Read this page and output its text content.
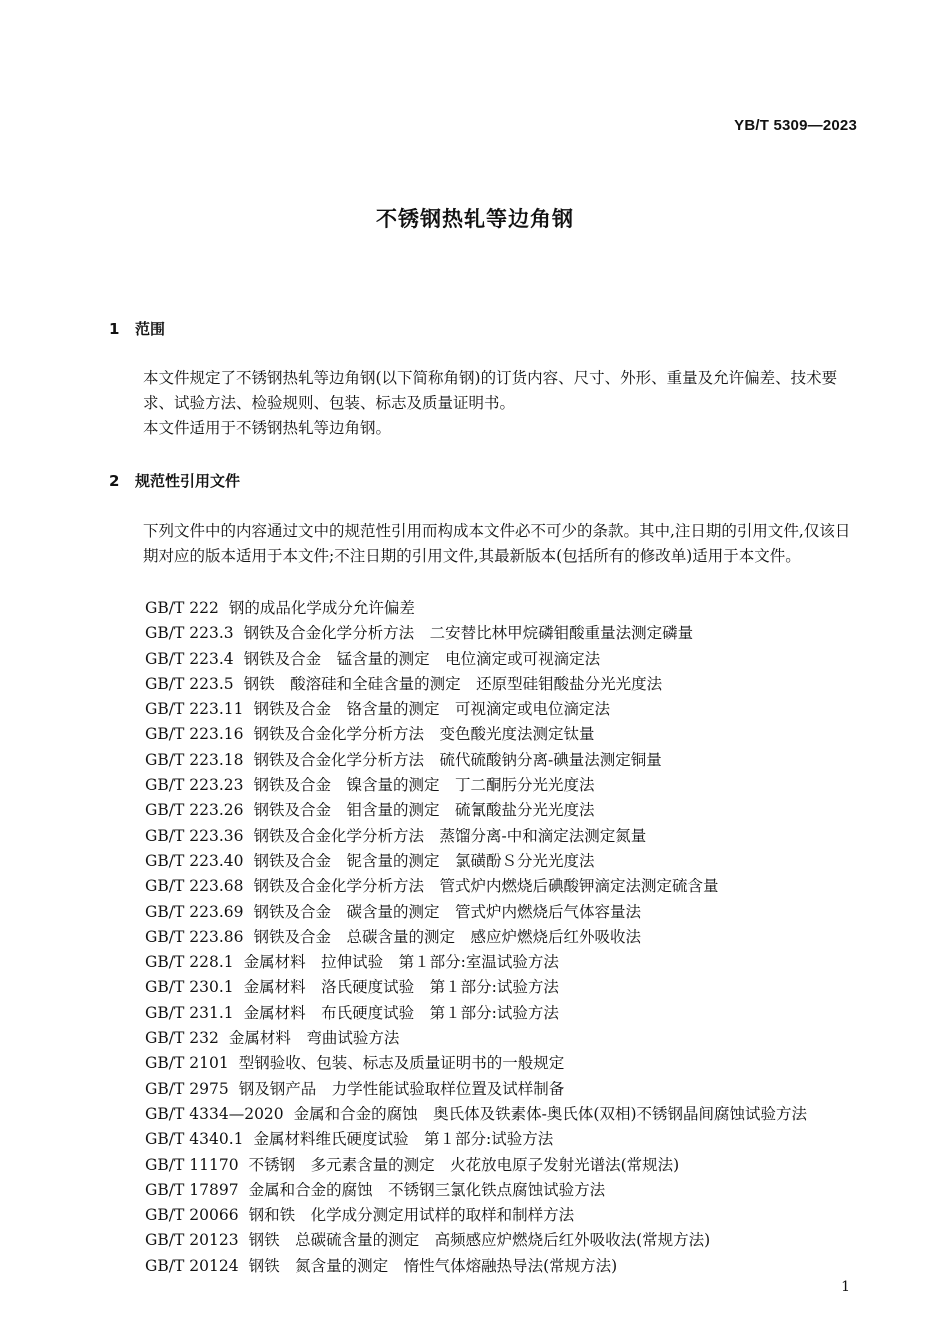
YB/T 5309—2023
不锈钢热轧等边角钢
1 范围
本文件规定了不锈钢热轧等边角钢(以下简称角钢)的订货内容、尺寸、外形、重量及允许偏差、技术要求、试验方法、检验规则、包装、标志及质量证明书。
本文件适用于不锈钢热轧等边角钢。
2 规范性引用文件
下列文件中的内容通过文中的规范性引用而构成本文件必不可少的条款。其中,注日期的引用文件,仅该日期对应的版本适用于本文件;不注日期的引用文件,其最新版本(包括所有的修改单)适用于本文件。
GB/T 222 钢的成品化学成分允许偏差
GB/T 223.3 钢铁及合金化学分析方法　二安替比林甲烷磷钼酸重量法测定磷量
GB/T 223.4 钢铁及合金　锰含量的测定　电位滴定或可视滴定法
GB/T 223.5 钢铁　酸溶硅和全硅含量的测定　还原型硅钼酸盐分光光度法
GB/T 223.11 钢铁及合金　铬含量的测定　可视滴定或电位滴定法
GB/T 223.16 钢铁及合金化学分析方法　变色酸光度法测定钛量
GB/T 223.18 钢铁及合金化学分析方法　硫代硫酸钠分离-碘量法测定铜量
GB/T 223.23 钢铁及合金　镍含量的测定　丁二酮肟分光光度法
GB/T 223.26 钢铁及合金　钼含量的测定　硫氰酸盐分光光度法
GB/T 223.36 钢铁及合金化学分析方法　蒸馏分离-中和滴定法测定氮量
GB/T 223.40 钢铁及合金　铌含量的测定　氯磺酚Ｓ分光光度法
GB/T 223.68 钢铁及合金化学分析方法　管式炉内燃烧后碘酸钾滴定法测定硫含量
GB/T 223.69 钢铁及合金　碳含量的测定　管式炉内燃烧后气体容量法
GB/T 223.86 钢铁及合金　总碳含量的测定　感应炉燃烧后红外吸收法
GB/T 228.1 金属材料　拉伸试验　第１部分:室温试验方法
GB/T 230.1 金属材料　洛氏硬度试验　第１部分:试验方法
GB/T 231.1 金属材料　布氏硬度试验　第１部分:试验方法
GB/T 232 金属材料　弯曲试验方法
GB/T 2101 型钢验收、包装、标志及质量证明书的一般规定
GB/T 2975 钢及钢产品　力学性能试验取样位置及试样制备
GB/T 4334—2020 金属和合金的腐蚀　奥氏体及铁素体-奥氏体(双相)不锈钢晶间腐蚀试验方法
GB/T 4340.1 金属材料维氏硬度试验　第１部分:试验方法
GB/T 11170 不锈钢　多元素含量的测定　火花放电原子发射光谱法(常规法)
GB/T 17897 金属和合金的腐蚀　不锈钢三氯化铁点腐蚀试验方法
GB/T 20066 钢和铁　化学成分测定用试样的取样和制样方法
GB/T 20123 钢铁　总碳硫含量的测定　高频感应炉燃烧后红外吸收法(常规方法)
GB/T 20124 钢铁　氮含量的测定　惰性气体熔融热导法(常规方法)
1
